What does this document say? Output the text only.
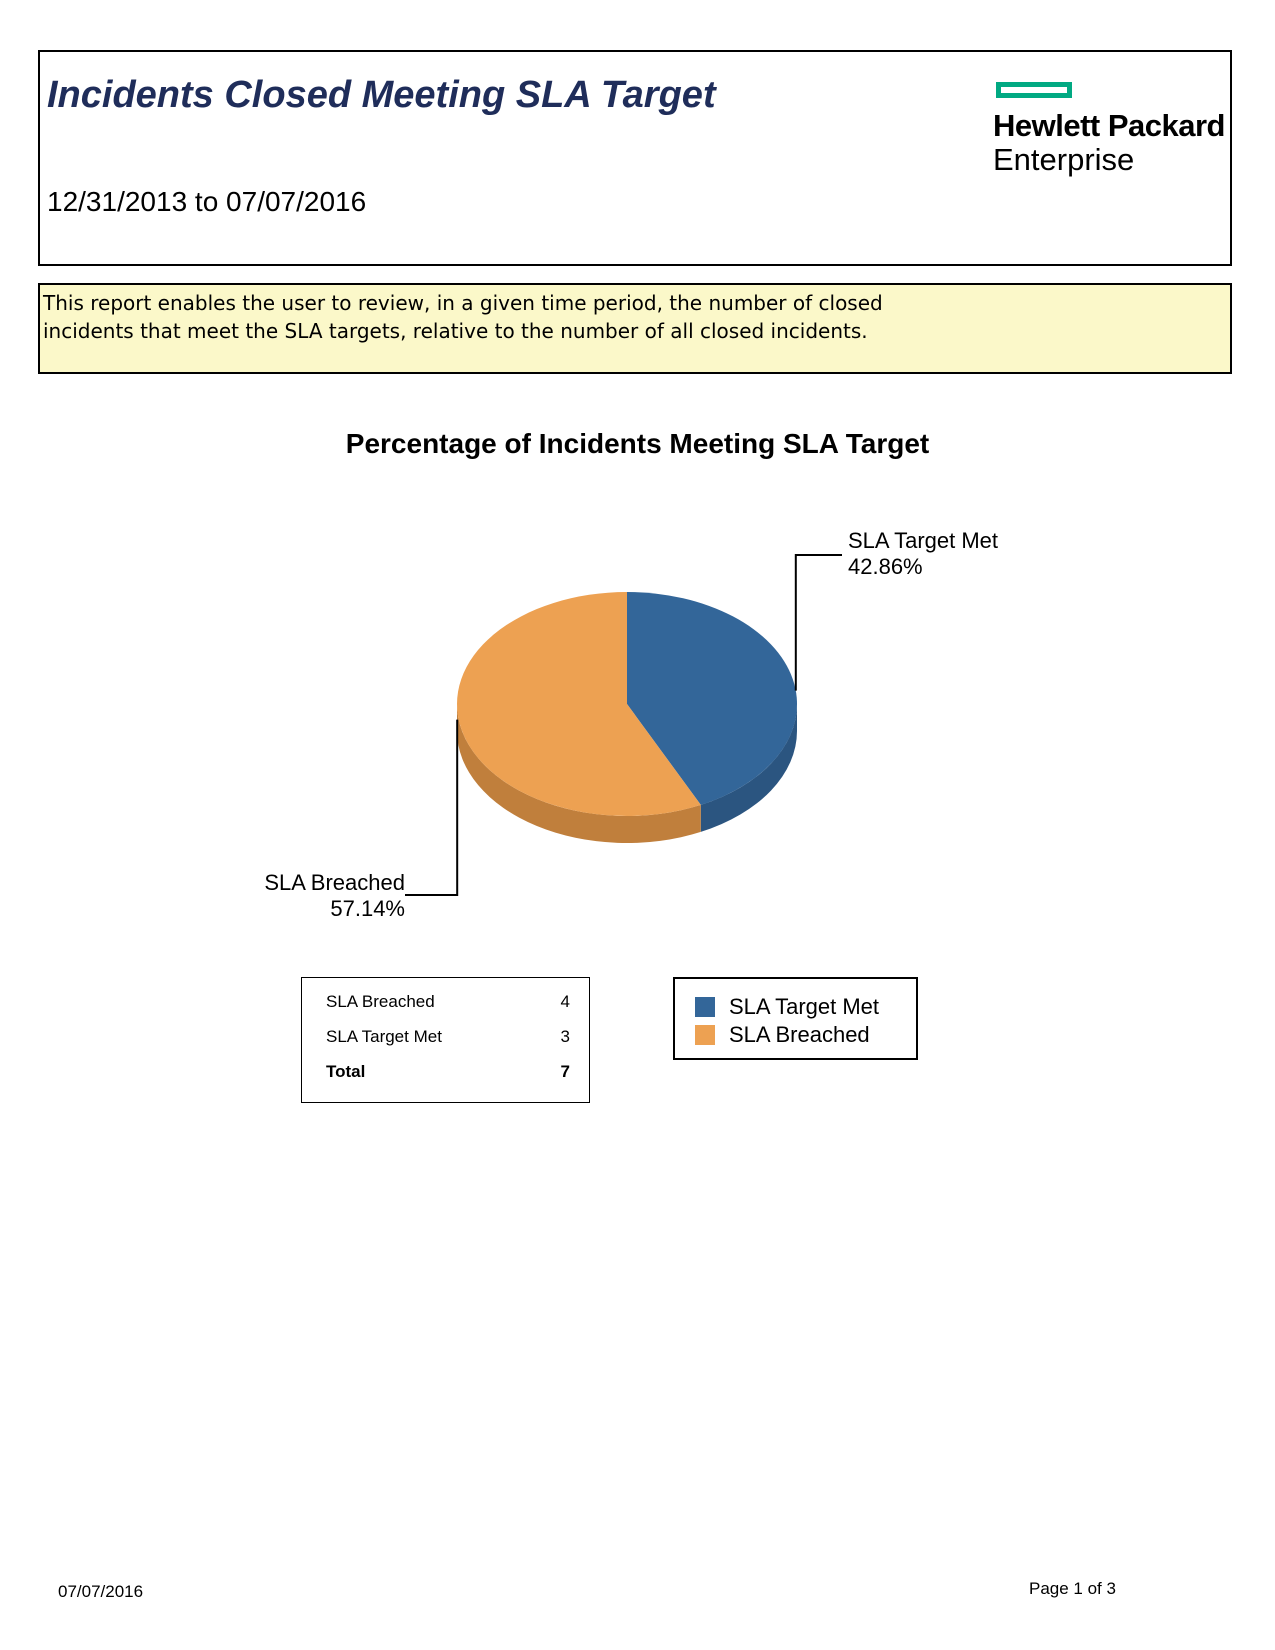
Incidents Closed Meeting SLA Target
12/31/2013 to 07/07/2016
Hewlett Packard
Enterprise
This report enables the user to review, in a given time period, the number of closed incidents that meet the SLA targets, relative to the number of all closed incidents.
Percentage of Incidents Meeting SLA Target
SLA Target Met
42.86%
SLA Breached
57.14%
SLA Breached	4
SLA Target Met	3
Total	7
SLA Target Met
SLA Breached
07/07/2016	Page 1 of 3
